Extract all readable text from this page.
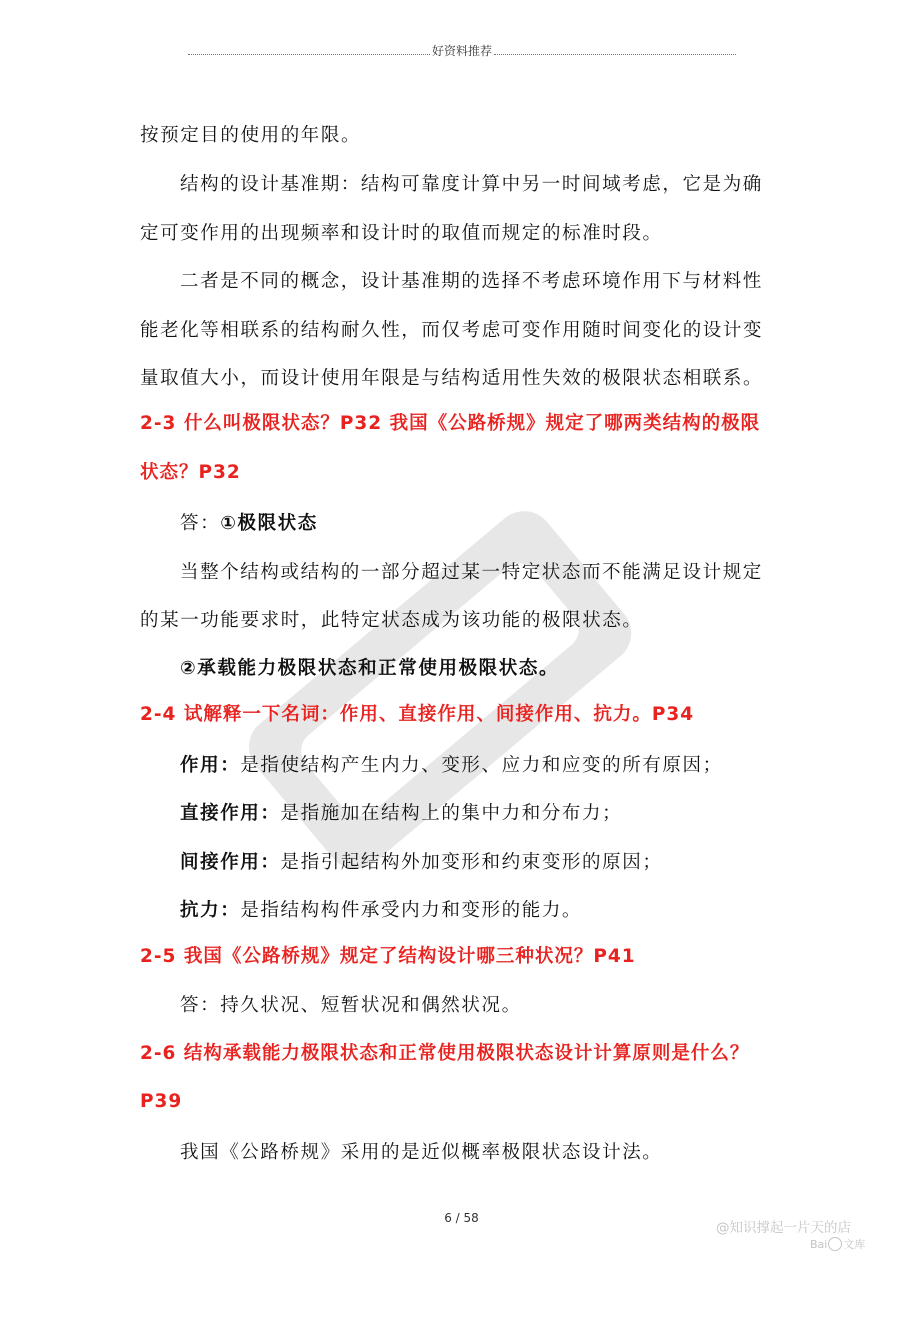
好资料推荐
按预定目的使用的年限。
结构的设计基准期：结构可靠度计算中另一时间域考虑，它是为确
定可变作用的出现频率和设计时的取值而规定的标准时段。
二者是不同的概念，设计基准期的选择不考虑环境作用下与材料性
能老化等相联系的结构耐久性，而仅考虑可变作用随时间变化的设计变
量取值大小，而设计使用年限是与结构适用性失效的极限状态相联系。
2-3 什么叫极限状态？P32 我国《公路桥规》规定了哪两类结构的极限
状态？P32
答：①极限状态
当整个结构或结构的一部分超过某一特定状态而不能满足设计规定
的某一功能要求时，此特定状态成为该功能的极限状态。
②承载能力极限状态和正常使用极限状态。
2-4 试解释一下名词：作用、直接作用、间接作用、抗力。P34
作用：是指使结构产生内力、变形、应力和应变的所有原因；
直接作用：是指施加在结构上的集中力和分布力；
间接作用：是指引起结构外加变形和约束变形的原因；
抗力：是指结构构件承受内力和变形的能力。
2-5 我国《公路桥规》规定了结构设计哪三种状况？P41
答：持久状况、短暂状况和偶然状况。
2-6 结构承载能力极限状态和正常使用极限状态设计计算原则是什么？
P39
我国《公路桥规》采用的是近似概率极限状态设计法。
6 / 58
@知识撑起一片天的店
Bai 文库
